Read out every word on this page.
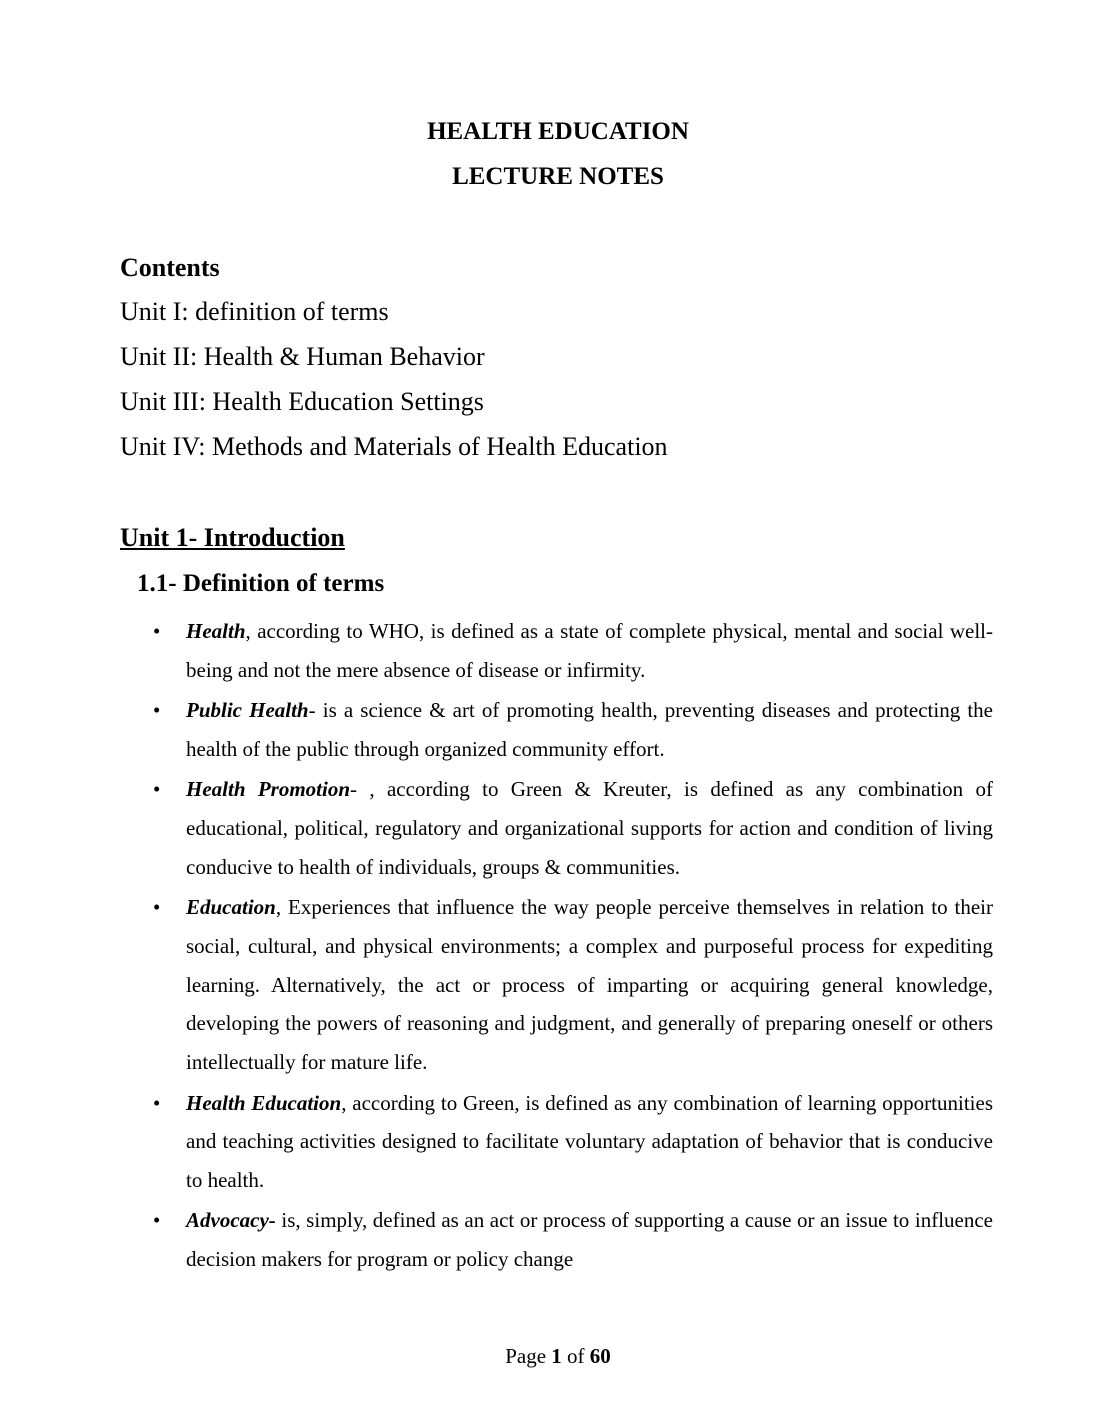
HEALTH EDUCATION
LECTURE NOTES
Contents
Unit I: definition of terms
Unit II: Health & Human Behavior
Unit III: Health Education Settings
Unit IV: Methods and Materials of Health Education
Unit 1- Introduction
1.1- Definition of terms
• Health, according to WHO, is defined as a state of complete physical, mental and social well-being and not the mere absence of disease or infirmity.
• Public Health- is a science & art of promoting health, preventing diseases and protecting the health of the public through organized community effort.
• Health Promotion- , according to Green & Kreuter, is defined as any combination of educational, political, regulatory and organizational supports for action and condition of living conducive to health of individuals, groups & communities.
• Education, Experiences that influence the way people perceive themselves in relation to their social, cultural, and physical environments; a complex and purposeful process for expediting learning. Alternatively, the act or process of imparting or acquiring general knowledge, developing the powers of reasoning and judgment, and generally of preparing oneself or others intellectually for mature life.
• Health Education, according to Green, is defined as any combination of learning opportunities and teaching activities designed to facilitate voluntary adaptation of behavior that is conducive to health.
• Advocacy- is, simply, defined as an act or process of supporting a cause or an issue to influence decision makers for program or policy change
Page 1 of 60
